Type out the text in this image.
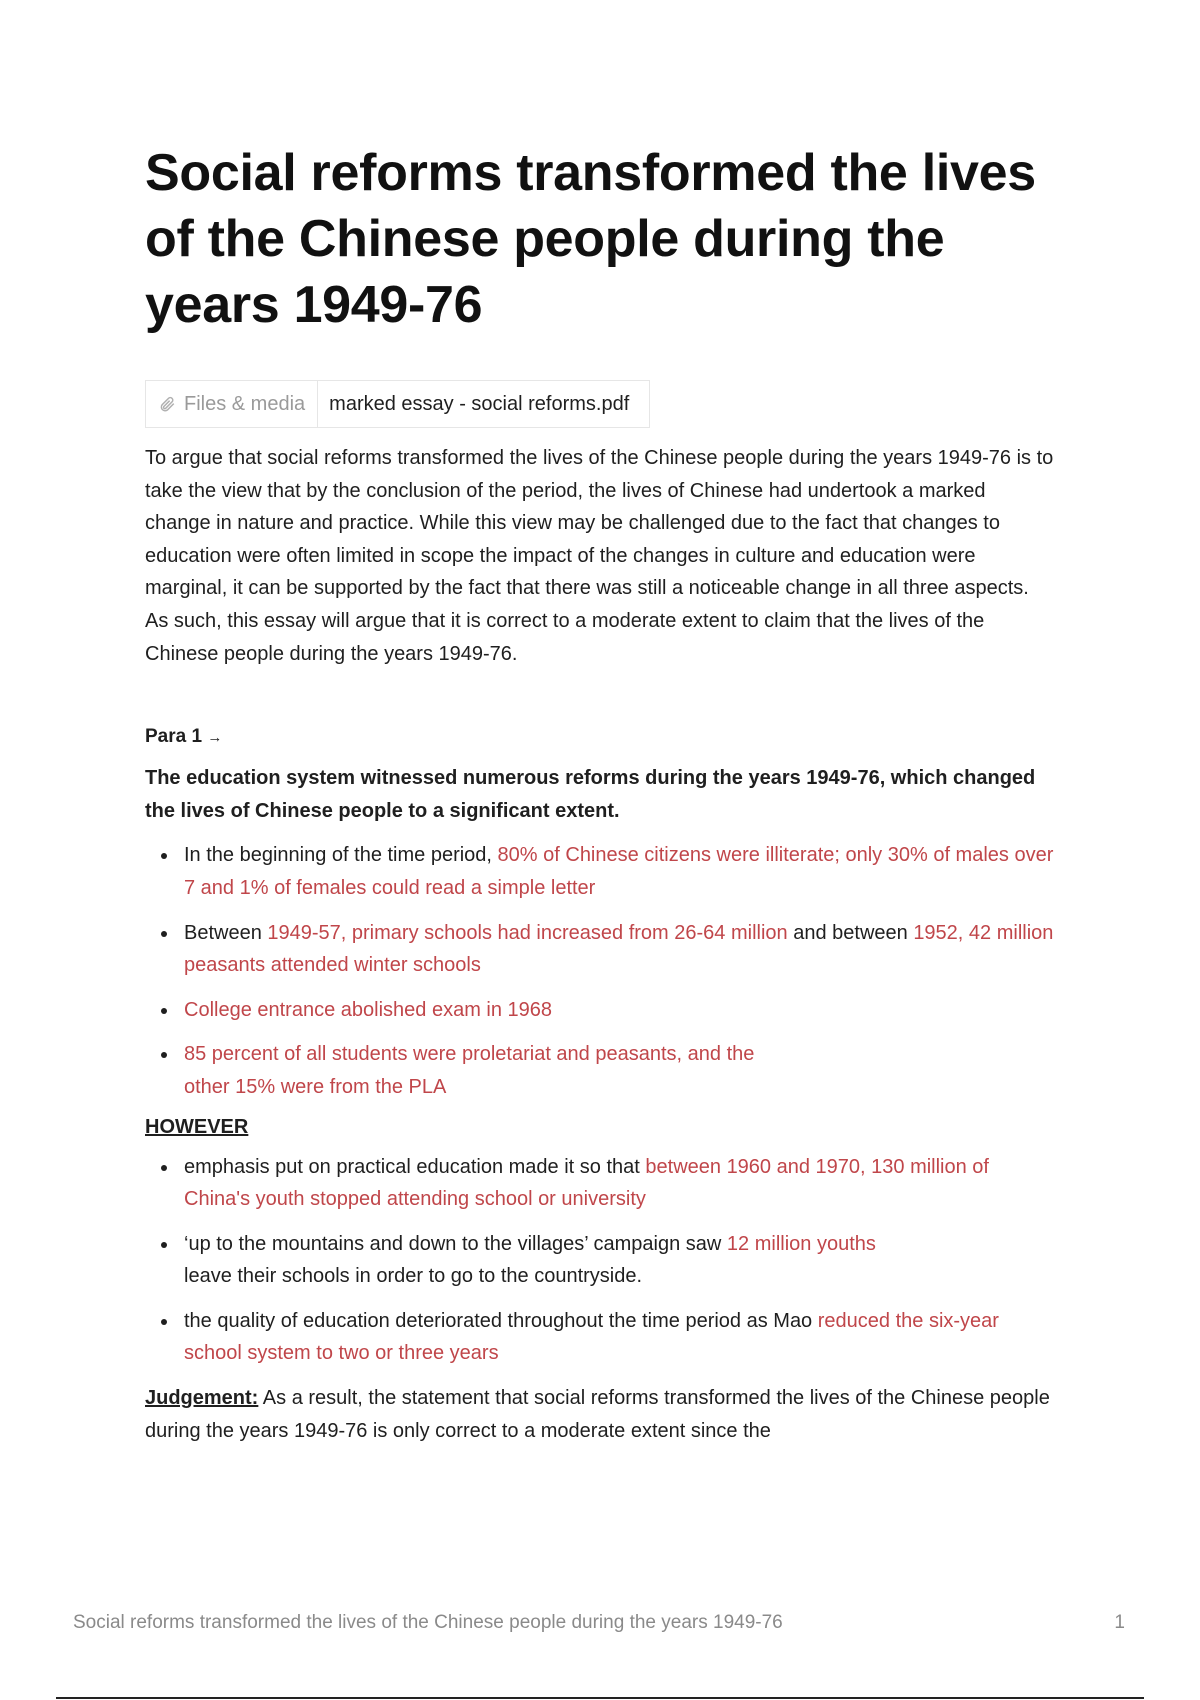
Social reforms transformed the lives of the Chinese people during the years 1949-76
Files & media	marked essay - social reforms.pdf

To argue that social reforms transformed the lives of the Chinese people during the years 1949-76 is to take the view that by the conclusion of the period, the lives of Chinese had undertook a marked change in nature and practice. While this view may be challenged due to the fact that changes to education were often limited in scope the impact of the changes in culture and education were marginal, it can be supported by the fact that there was still a noticeable change in all three aspects. As such, this essay will argue that it is correct to a moderate extent to claim that the lives of the Chinese people during the years 1949-76.

Para 1 →

The education system witnessed numerous reforms during the years 1949-76, which changed the lives of Chinese people to a significant extent.

In the beginning of the time period, 80% of Chinese citizens were illiterate; only 30% of males over 7 and 1% of females could read a simple letter
Between 1949-57, primary schools had increased from 26-64 million and between 1952, 42 million peasants attended winter schools
College entrance abolished exam in 1968
85 percent of all students were proletariat and peasants, and the other 15% were from the PLA

HOWEVER

emphasis put on practical education made it so that between 1960 and 1970, 130 million of China's youth stopped attending school or university
‘up to the mountains and down to the villages’ campaign saw 12 million youths leave their schools in order to go to the countryside.
the quality of education deteriorated throughout the time period as Mao reduced the six-year school system to two or three years

Judgement: As a result, the statement that social reforms transformed the lives of the Chinese people during the years 1949-76 is only correct to a moderate extent since the

Social reforms transformed the lives of the Chinese people during the years 1949-76	1
